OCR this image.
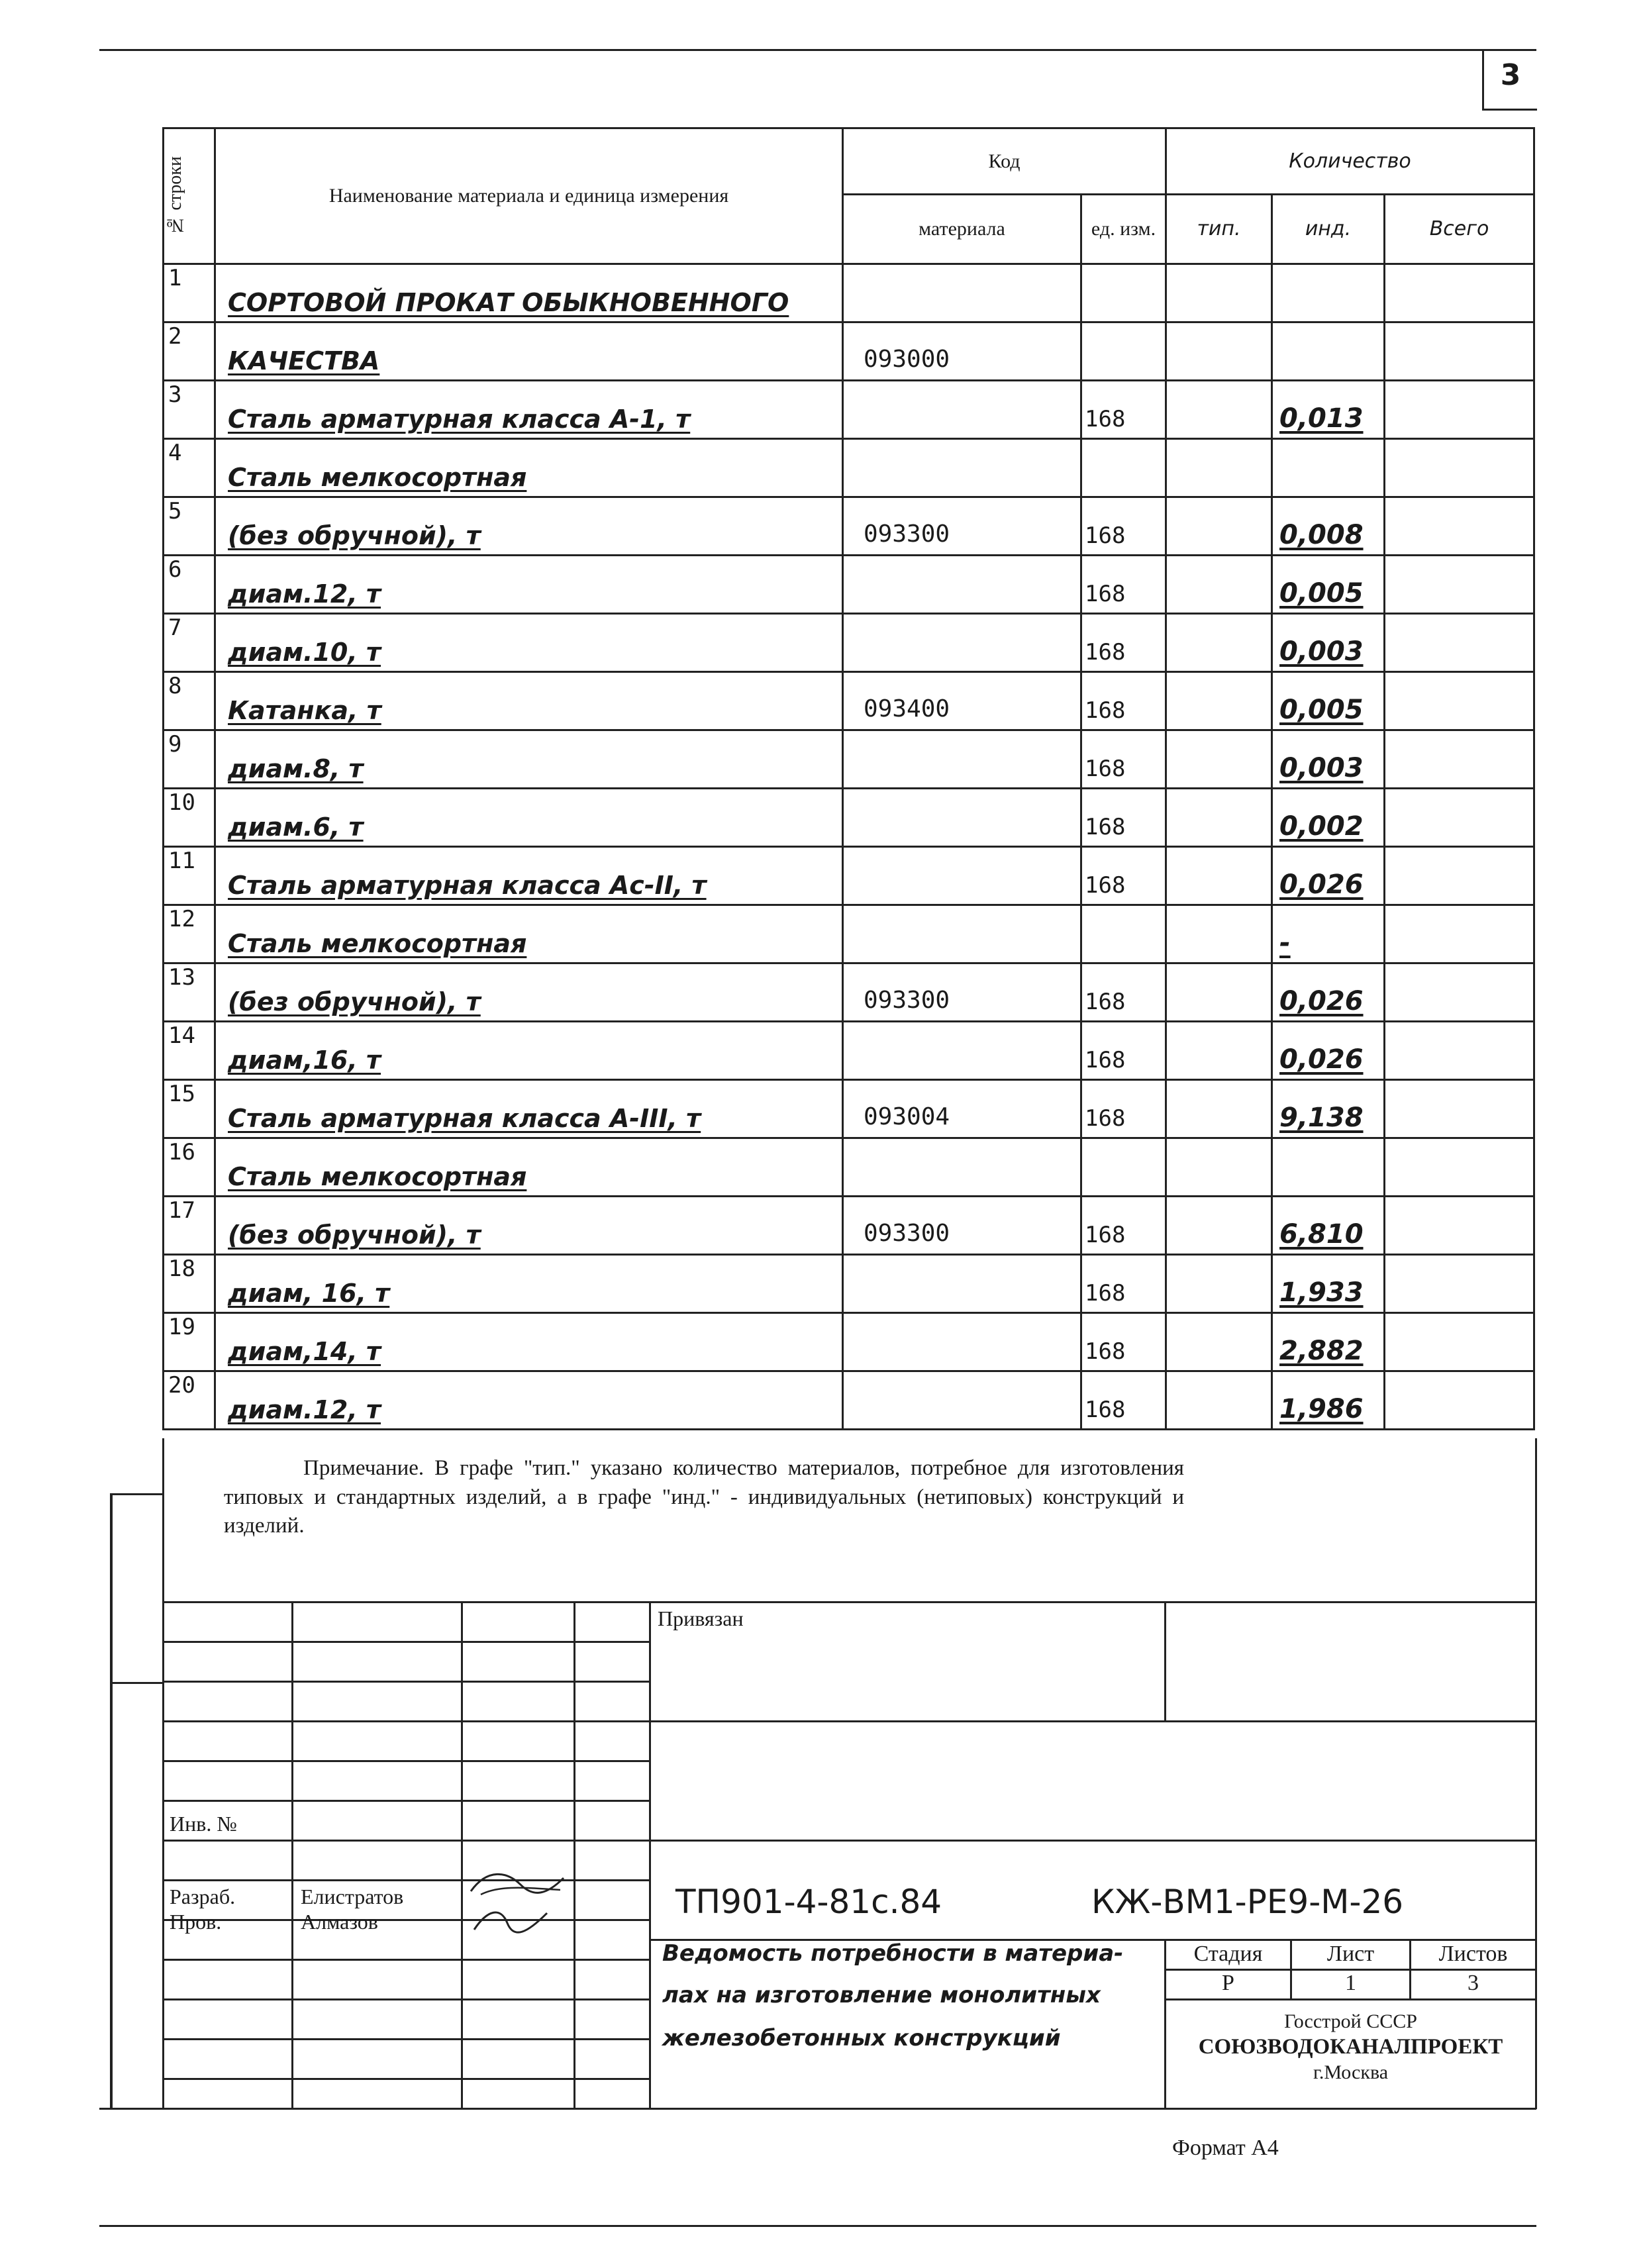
3
№ строки	Наименование материала и единица измерения	Код		Количество		
		материала	ед. изм.	тип.	инд.	Всего
1	СОРТОВОЙ ПРОКАТ ОБЫКНОВЕННОГО					
2	КАЧЕСТВА	093000				
3	Сталь арматурная класса А-1, т		168		0,013	
4	Сталь мелкосортная					
5	(без обручной), т	093300	168		0,008	
6	диам.12, т		168		0,005	
7	диам.10, т		168		0,003	
8	Катанка, т	093400	168		0,005	
9	диам.8, т		168		0,003	
10	диам.6, т		168		0,002	
11	Сталь арматурная класса Ас-II, т		168		0,026	
12	Сталь мелкосортная				-	
13	(без обручной), т	093300	168		0,026	
14	диам,16, т		168		0,026	
15	Сталь арматурная класса А-III, т	093004	168		9,138	
16	Сталь мелкосортная					
17	(без обручной), т	093300	168		6,810	
18	диам, 16, т		168		1,933	
19	диам,14, т		168		2,882	
20	диам.12, т		168		1,986	
Примечание. В графе "тип." указано количество материалов, потребное для изготовления типовых и стандартных изделий, а в графе "инд." - индивидуальных (нетиповых) конструкций и изделий.
Привязан
Инв. №
Разраб.	Елистратов
Пров.	Алмазов
ТП901-4-81с.84	КЖ-ВМ1-РЕ9-М-26
Ведомость потребности в материа-
лах на изготовление монолитных
железобетонных конструкций
Стадия	Лист	Листов
Р	1	3
Госстрой СССР
СОЮЗВОДОКАНАЛПРОЕКТ
г.Москва
Формат А4
